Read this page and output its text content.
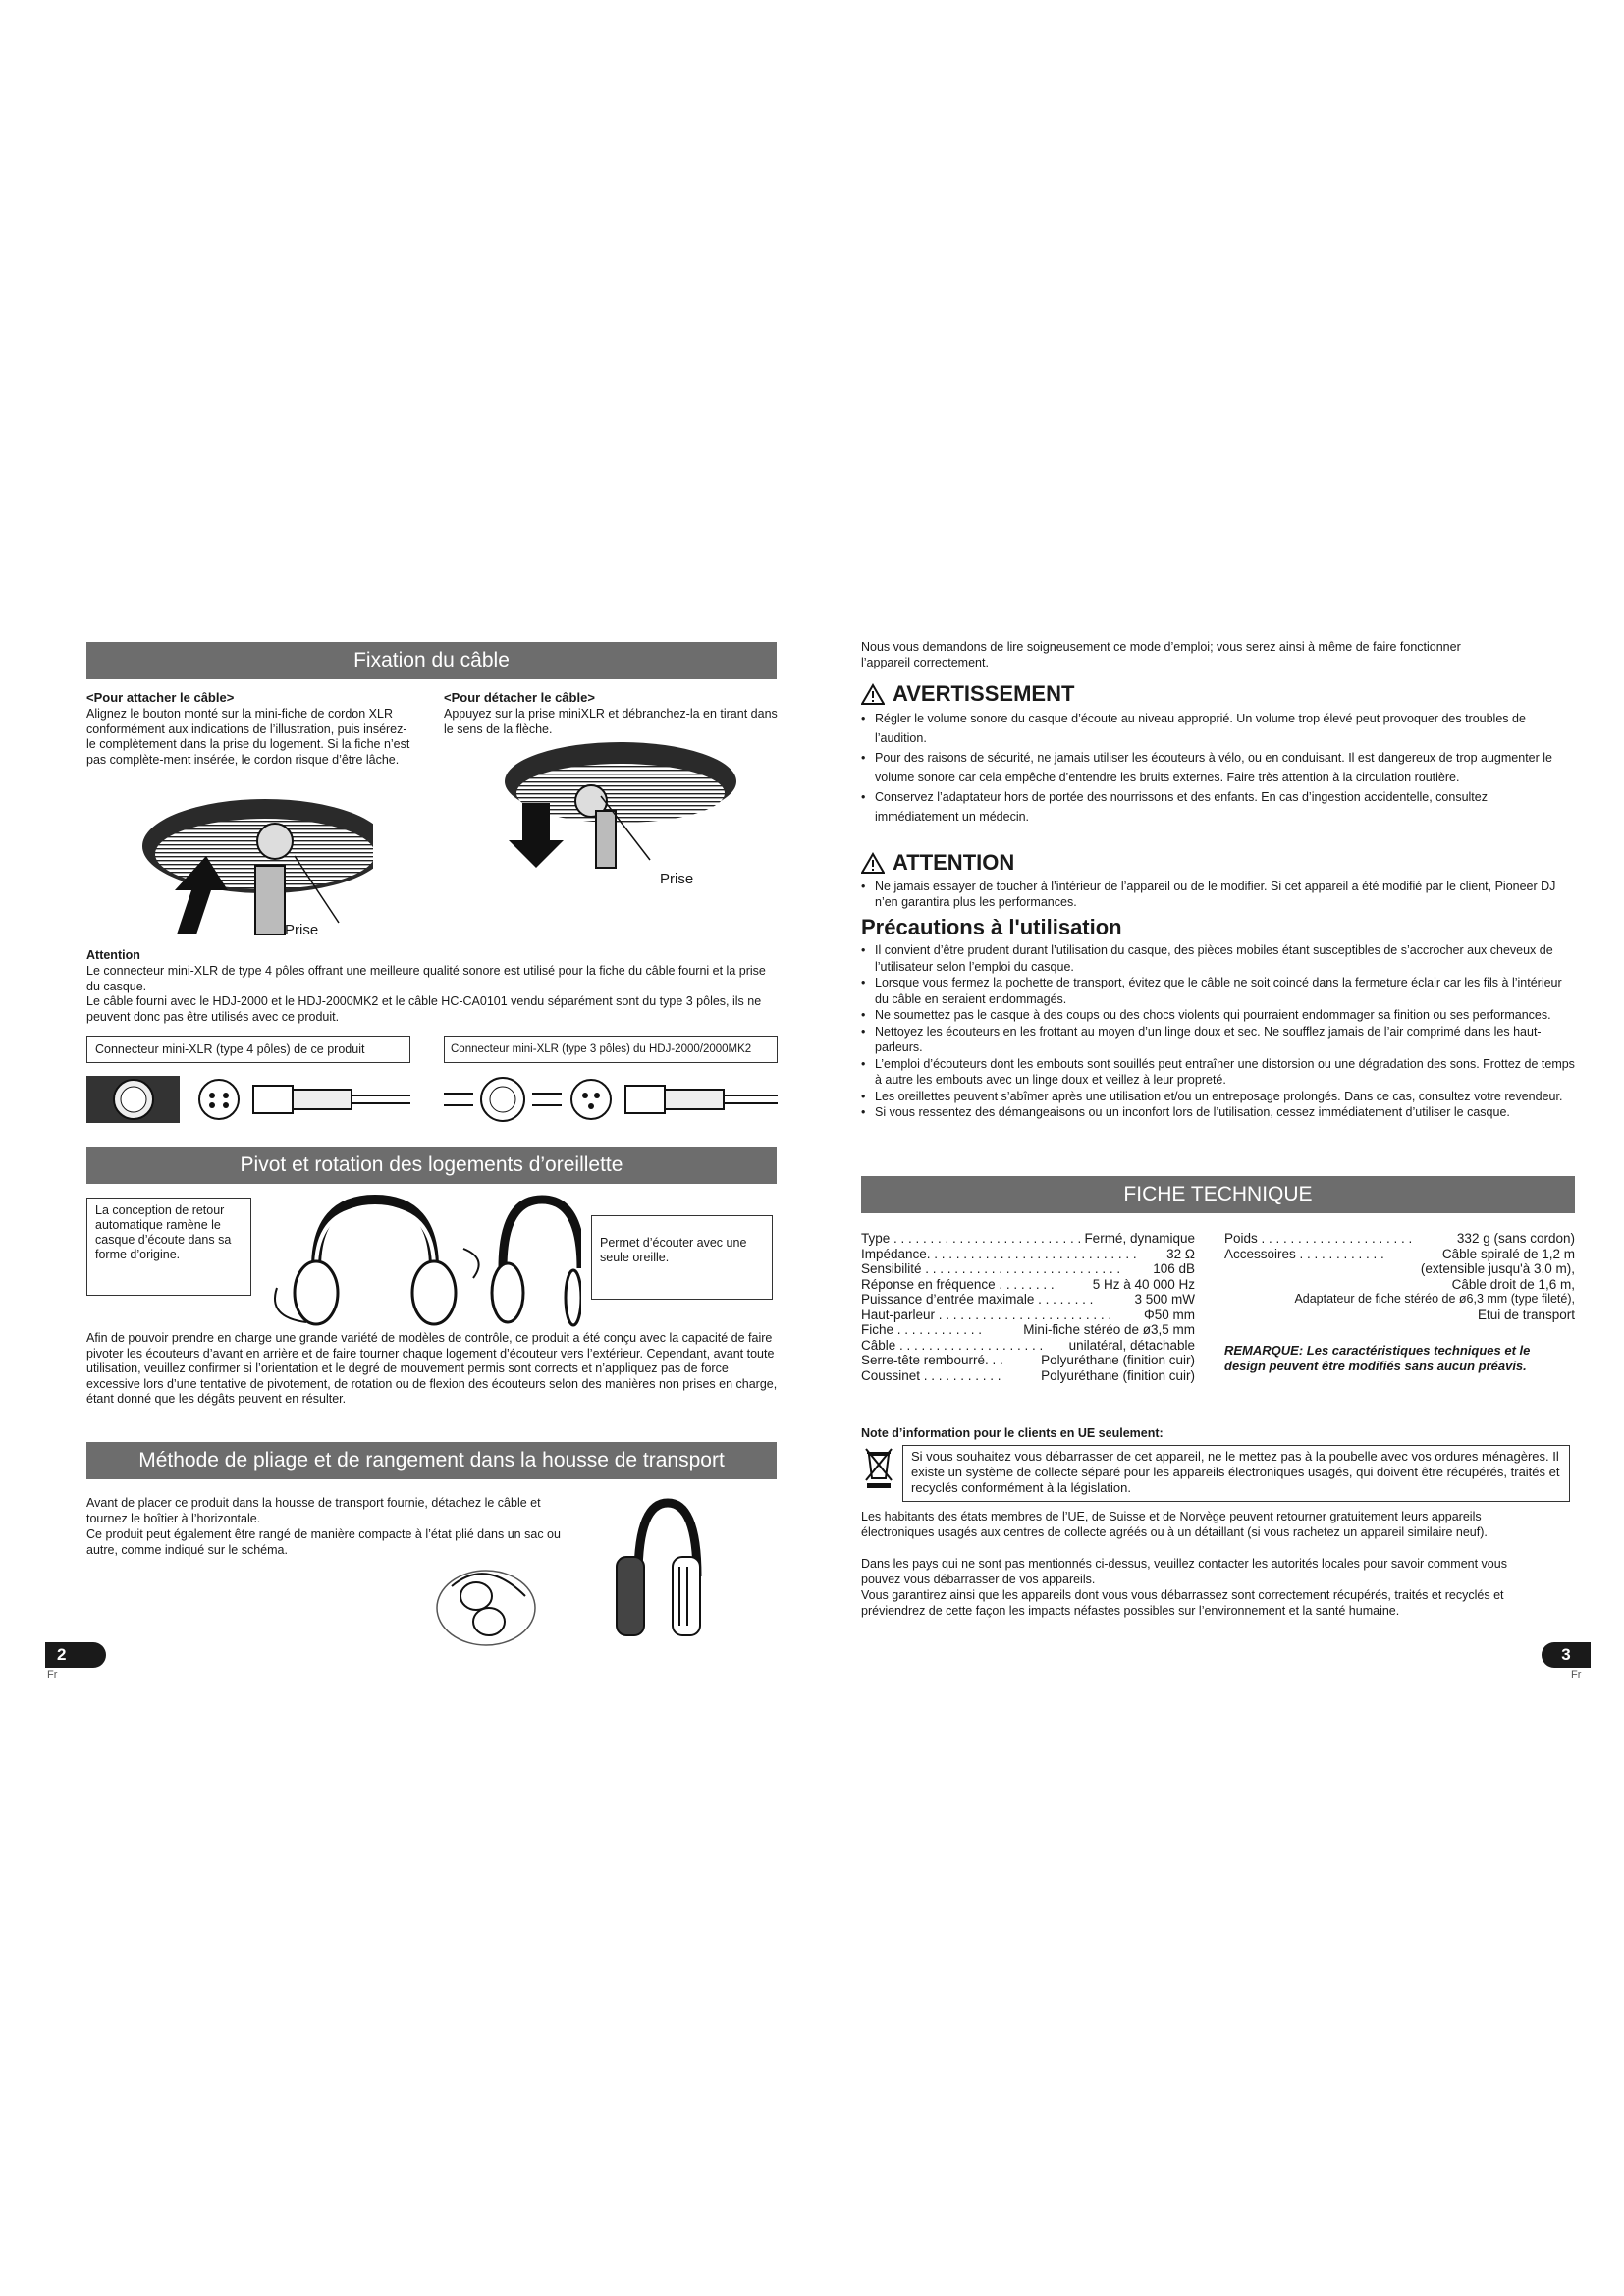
Fixation du câble
<Pour attacher le câble>
Alignez le bouton monté sur la mini-fiche de cordon XLR conformément aux indications de l’illustration, puis insérez-le complètement dans la prise du logement. Si la fiche n’est pas complète-ment insérée, le cordon risque d’être lâche.
<Pour détacher le câble>
Appuyez sur la prise miniXLR et débranchez-la en tirant dans le sens de la flèche.
Prise
Prise
Attention
Le connecteur mini-XLR de type 4 pôles offrant une meilleure qualité sonore est utilisé pour la fiche du câble fourni et la prise du casque.
Le câble fourni avec le HDJ-2000 et le HDJ-2000MK2 et le câble HC-CA0101 vendu séparément sont du type 3 pôles, ils ne peuvent donc pas être utilisés avec ce produit.
Connecteur mini-XLR (type 4 pôles) de ce produit	Connecteur mini-XLR (type 3 pôles) du HDJ-2000/2000MK2
Pivot et rotation des logements d’oreillette
La conception de retour automatique ramène le casque d’écoute dans sa forme d’origine.
Permet d’écouter avec une seule oreille.
Afin de pouvoir prendre en charge une grande variété de modèles de contrôle, ce produit a été conçu avec la capacité de faire pivoter les écouteurs d’avant en arrière et de faire tourner chaque logement d’écouteur vers l’extérieur. Cependant, avant toute utilisation, veuillez confirmer si l’orientation et le degré de mouvement permis sont corrects et n’appliquez pas de force excessive lors d’une tentative de pivotement, de rotation ou de flexion des écouteurs selon des manières non prises en charge, étant donné que les dégâts peuvent en résulter.
Méthode de pliage et de rangement dans la housse de transport
Avant de placer ce produit dans la housse de transport fournie, détachez le câble et tournez le boîtier à l’horizontale.
Ce produit peut également être rangé de manière compacte à l’état plié dans un sac ou autre, comme indiqué sur le schéma.
2
Fr
Nous vous demandons de lire soigneusement ce mode d’emploi; vous serez ainsi à même de faire fonctionner l’appareil correctement.
AVERTISSEMENT
• Régler le volume sonore du casque d’écoute au niveau approprié. Un volume trop élevé peut provoquer des troubles de l’audition.
• Pour des raisons de sécurité, ne jamais utiliser les écouteurs à vélo, ou en conduisant. Il est dangereux de trop augmenter le volume sonore car cela empêche d’entendre les bruits externes. Faire très attention à la circulation routière.
• Conservez l’adaptateur hors de portée des nourrissons et des enfants. En cas d’ingestion accidentelle, consultez immédiatement un médecin.
ATTENTION
• Ne jamais essayer de toucher à l’intérieur de l’appareil ou de le modifier. Si cet appareil a été modifié par le client, Pioneer DJ n’en garantira plus les performances.
Précautions à l'utilisation
• Il convient d’être prudent durant l’utilisation du casque, des pièces mobiles étant susceptibles de s’accrocher aux cheveux de l’utilisateur selon l’emploi du casque.
• Lorsque vous fermez la pochette de transport, évitez que le câble ne soit coincé dans la fermeture éclair car les fils à l’intérieur du câble en seraient endommagés.
• Ne soumettez pas le casque à des coups ou des chocs violents qui pourraient endommager sa finition ou ses performances.
• Nettoyez les écouteurs en les frottant au moyen d’un linge doux et sec. Ne soufflez jamais de l’air comprimé dans les haut-parleurs.
• L’emploi d’écouteurs dont les embouts sont souillés peut entraîner une distorsion ou une dégradation des sons. Frottez de temps à autre les embouts avec un linge doux et veillez à leur propreté.
• Les oreillettes peuvent s’abîmer après une utilisation et/ou un entreposage prolongés. Dans ce cas, consultez votre revendeur.
• Si vous ressentez des démangeaisons ou un inconfort lors de l’utilisation, cessez immédiatement d’utiliser le casque.
FICHE TECHNIQUE
Type . . . . . . . . . . . . . . . . . . . . . . . . . . Fermé, dynamique
Impédance. . . . . . . . . . . . . . . . . . . . . . . . . . . . . 32 Ω
Sensibilité . . . . . . . . . . . . . . . . . . . . . . . . . . . 106 dB
Réponse en fréquence . . . . . . . .	5 Hz à 40 000 Hz
Puissance d’entrée maximale . . . . . . . .	3 500 mW
Haut-parleur . . . . . . . . . . . . . . . . . . . . . . . . Φ50 mm
Fiche . . . . . . . . . . . .	Mini-fiche stéréo de ø3,5 mm
Câble . . . . . . . . . . . . . . . . . . . . unilatéral, détachable
Serre-tête rembourré. . .	Polyuréthane (finition cuir)
Coussinet . . . . . . . . . . .	Polyuréthane (finition cuir)
Poids . . . . . . . . . . . . . . . . . . . . .	332 g (sans cordon)
Accessoires . . . . . . . . . . . .	Câble spiralé de 1,2 m
(extensible jusqu'à 3,0 m),
Câble droit de 1,6 m,
Adaptateur de fiche stéréo de ø6,3 mm (type fileté),
Etui de transport
REMARQUE: Les caractéristiques techniques et le design peuvent être modifiés sans aucun préavis.
Note d’information pour le clients en UE seulement:
Si vous souhaitez vous débarrasser de cet appareil, ne le mettez pas à la poubelle avec vos ordures ménagères. Il existe un système de collecte séparé pour les appareils électroniques usagés, qui doivent être récupérés, traités et recyclés conformément à la législation.
Les habitants des états membres de l’UE, de Suisse et de Norvège peuvent retourner gratuitement leurs appareils électroniques usagés aux centres de collecte agréés ou à un détaillant (si vous rachetez un appareil similaire neuf).
Dans les pays qui ne sont pas mentionnés ci-dessus, veuillez contacter les autorités locales pour savoir comment vous pouvez vous débarrasser de vos appareils.
Vous garantirez ainsi que les appareils dont vous vous débarrassez sont correctement récupérés, traités et recyclés et préviendrez de cette façon les impacts néfastes possibles sur l’environnement et la santé humaine.
3
Fr
